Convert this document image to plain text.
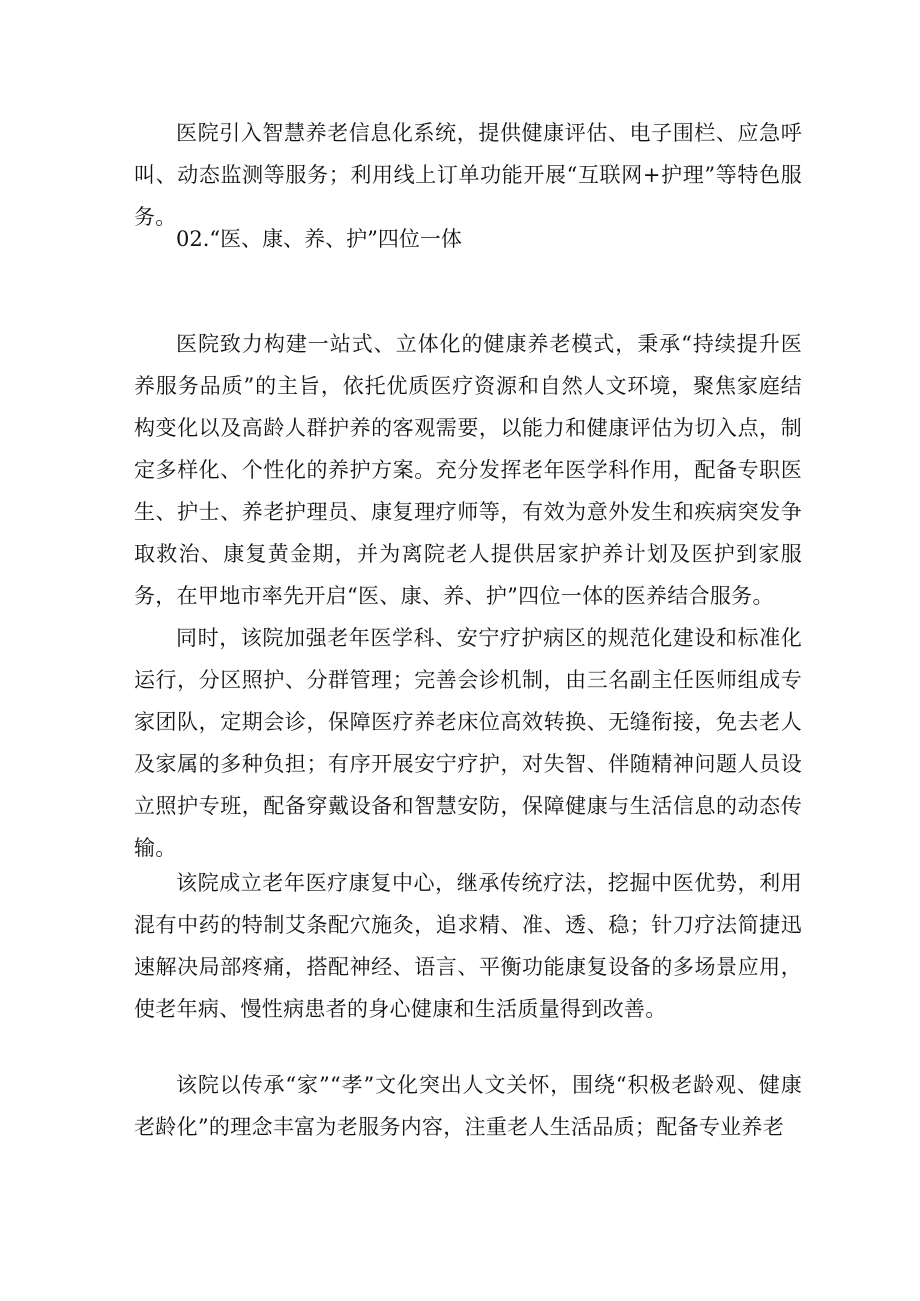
医院引入智慧养老信息化系统，提供健康评估、电子围栏、应急呼叫、动态监测等服务；利用线上订单功能开展“互联网+护理”等特色服务。

02.“医、康、养、护”四位一体

医院致力构建一站式、立体化的健康养老模式，秉承“持续提升医养服务品质”的主旨，依托优质医疗资源和自然人文环境，聚焦家庭结构变化以及高龄人群护养的客观需要，以能力和健康评估为切入点，制定多样化、个性化的养护方案。充分发挥老年医学科作用，配备专职医生、护士、养老护理员、康复理疗师等，有效为意外发生和疾病突发争取救治、康复黄金期，并为离院老人提供居家护养计划及医护到家服务，在甲地市率先开启“医、康、养、护”四位一体的医养结合服务。

同时，该院加强老年医学科、安宁疗护病区的规范化建设和标准化运行，分区照护、分群管理；完善会诊机制，由三名副主任医师组成专家团队，定期会诊，保障医疗养老床位高效转换、无缝衔接，免去老人及家属的多种负担；有序开展安宁疗护，对失智、伴随精神问题人员设立照护专班，配备穿戴设备和智慧安防，保障健康与生活信息的动态传输。

该院成立老年医疗康复中心，继承传统疗法，挖掘中医优势，利用混有中药的特制艾条配穴施灸，追求精、准、透、稳；针刀疗法简捷迅速解决局部疼痛，搭配神经、语言、平衡功能康复设备的多场景应用，使老年病、慢性病患者的身心健康和生活质量得到改善。

该院以传承“家”“孝”文化突出人文关怀，围绕“积极老龄观、健康老龄化”的理念丰富为老服务内容，注重老人生活品质；配备专业养老
